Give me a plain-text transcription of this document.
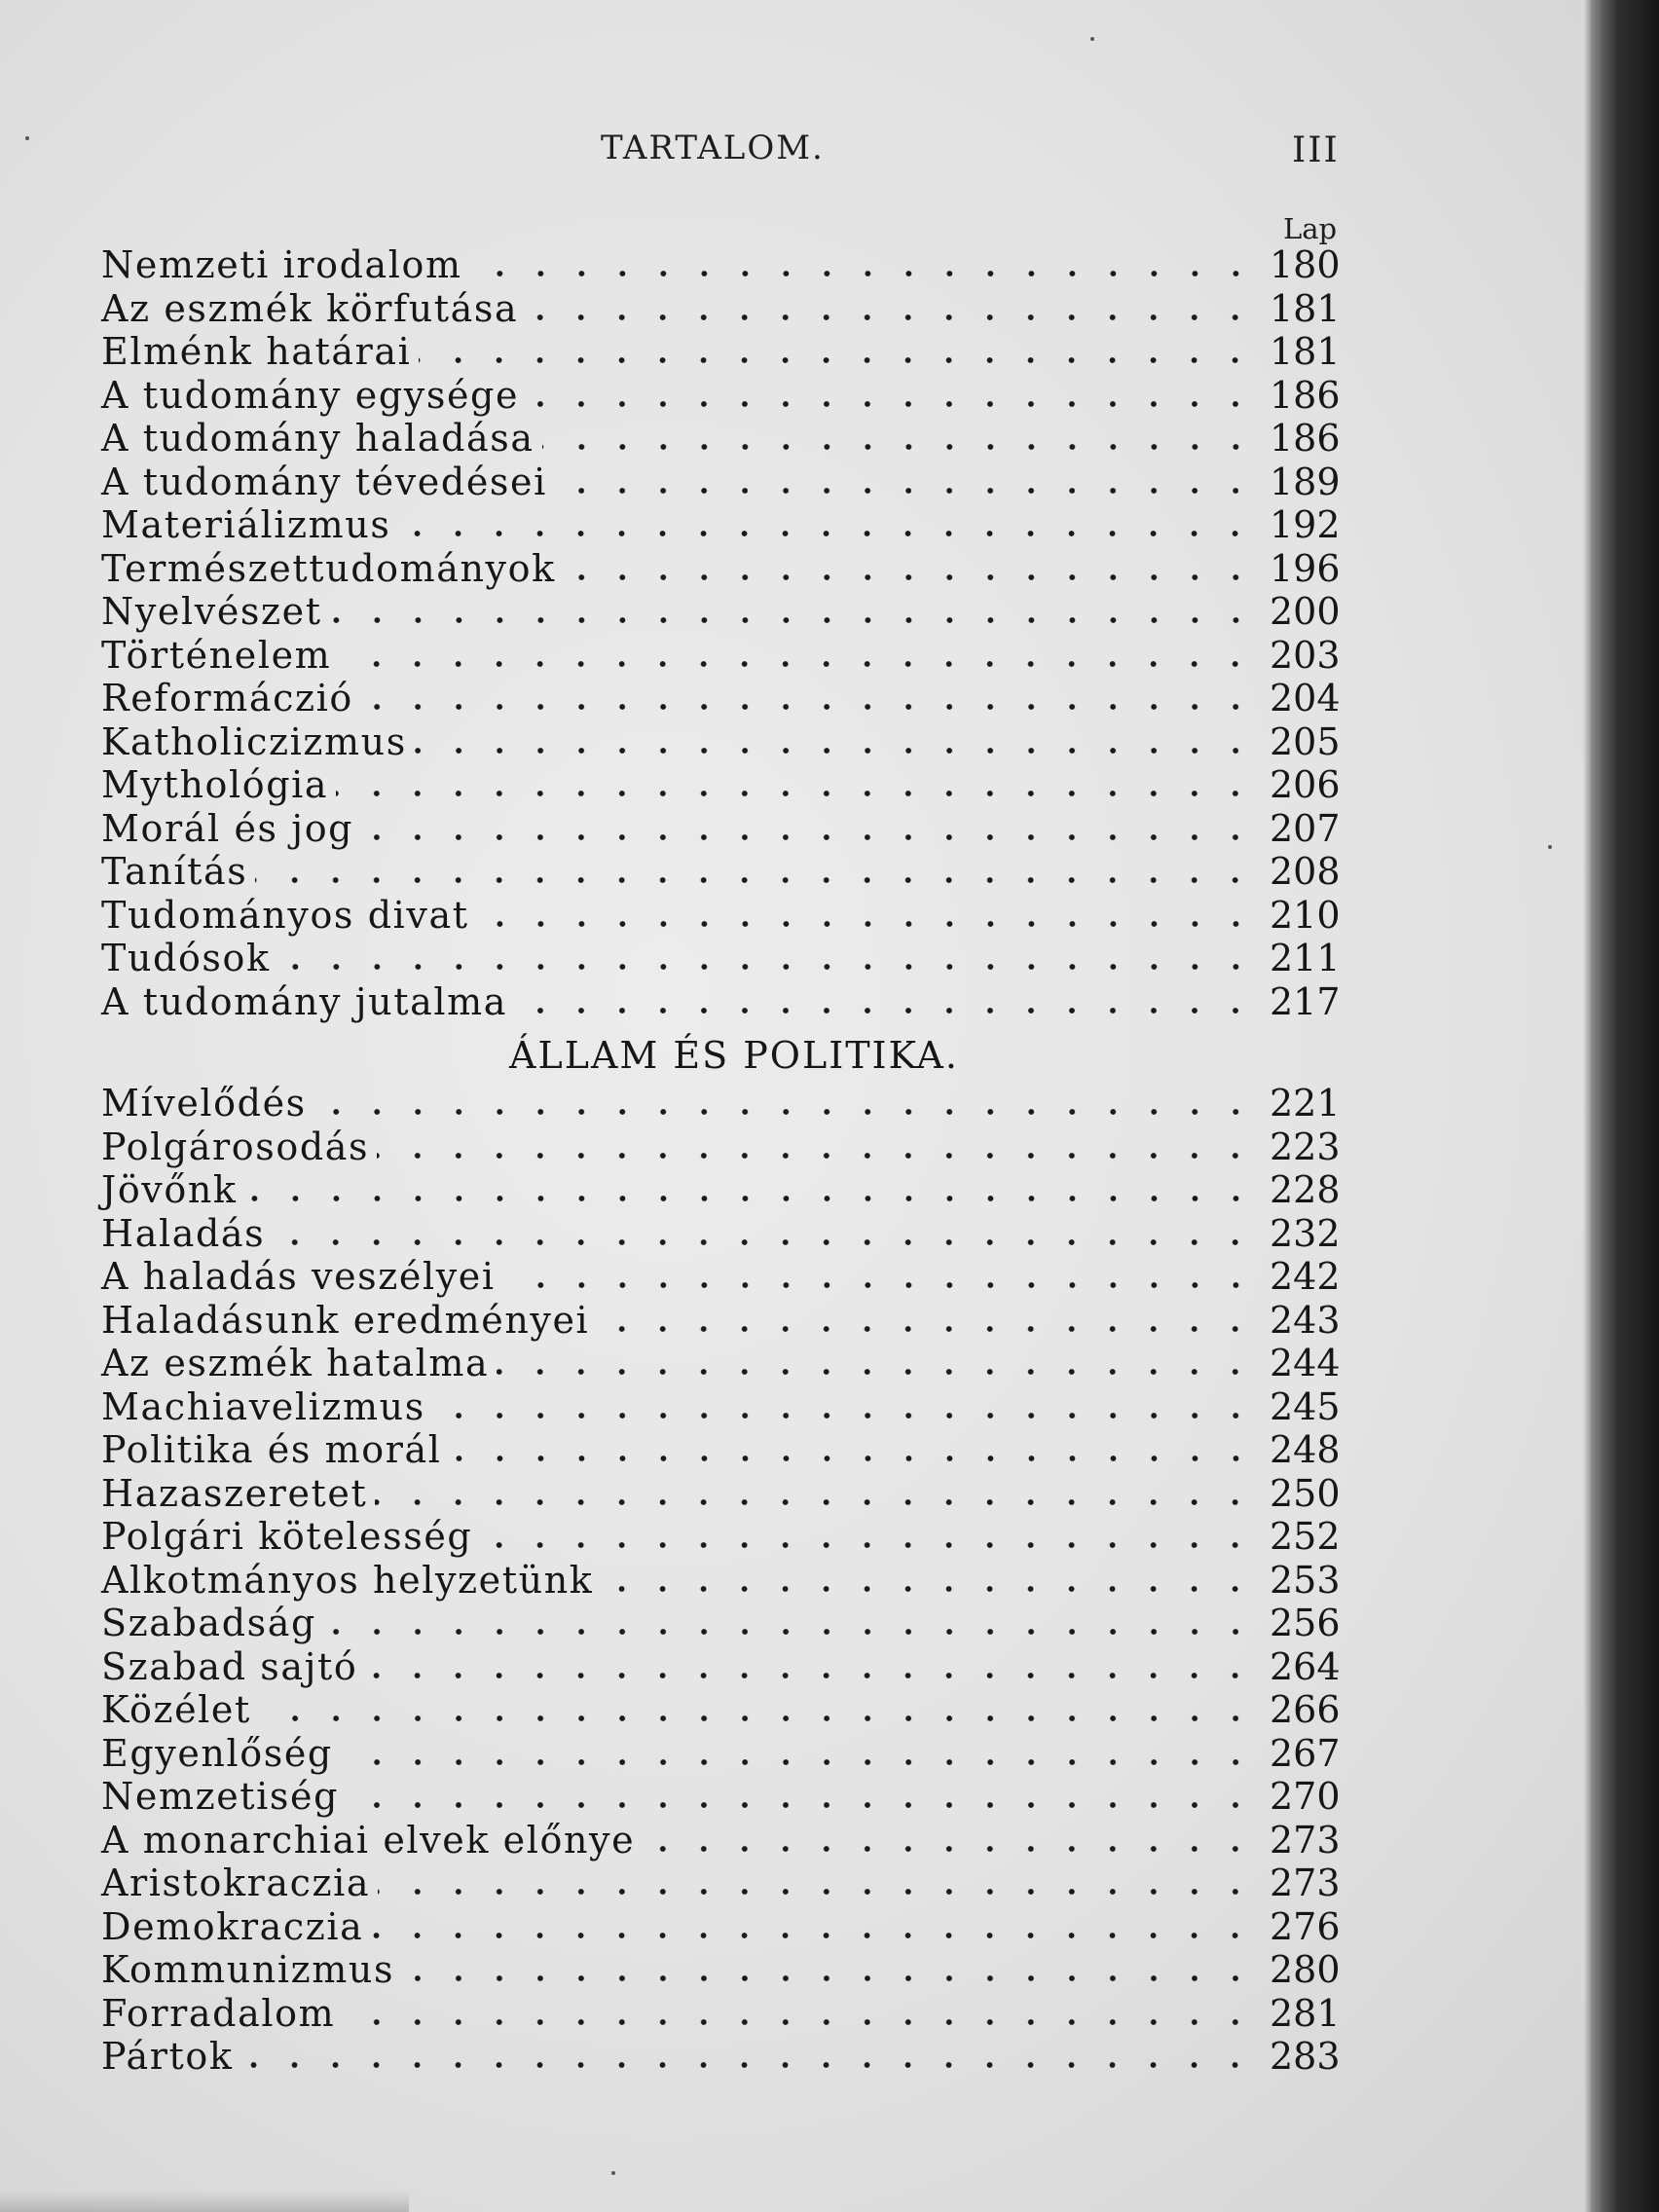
TARTALOM.	III
Lap
Nemzeti irodalom	180
Az eszmék körfutása	181
Elménk határai	181
A tudomány egysége	186
A tudomány haladása	186
A tudomány tévedései	189
Materiálizmus	192
Természettudományok	196
Nyelvészet	200
Történelem	203
Reformáczió	204
Katholiczizmus	205
Mythológia	206
Morál és jog	207
Tanítás	208
Tudományos divat	210
Tudósok	211
A tudomány jutalma	217
ÁLLAM ÉS POLITIKA.
Mívelődés	221
Polgárosodás	223
Jövőnk	228
Haladás	232
A haladás veszélyei	242
Haladásunk eredményei	243
Az eszmék hatalma	244
Machiavelizmus	245
Politika és morál	248
Hazaszeretet	250
Polgári kötelesség	252
Alkotmányos helyzetünk	253
Szabadság	256
Szabad sajtó	264
Közélet	266
Egyenlőség	267
Nemzetiség	270
A monarchiai elvek előnye	273
Aristokraczia	273
Demokraczia	276
Kommunizmus	280
Forradalom	281
Pártok	283
